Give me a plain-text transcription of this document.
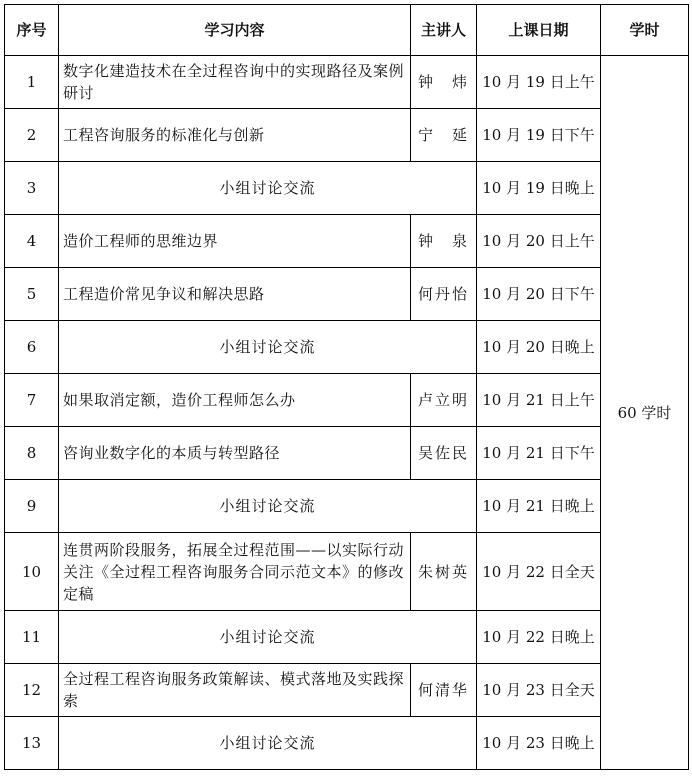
序号	学习内容	主讲人	上课日期	学时
1	数字化建造技术在全过程咨询中的实现路径及案例研讨	钟　炜	10 月 19 日上午	60 学时
2	工程咨询服务的标准化与创新	宁　延	10 月 19 日下午	
3	小组讨论交流		10 月 19 日晚上	
4	造价工程师的思维边界	钟　泉	10 月 20 日上午	
5	工程造价常见争议和解决思路	何丹怡	10 月 20 日下午	
6	小组讨论交流		10 月 20 日晚上	
7	如果取消定额，造价工程师怎么办	卢立明	10 月 21 日上午	
8	咨询业数字化的本质与转型路径	吴佐民	10 月 21 日下午	
9	小组讨论交流		10 月 21 日晚上	
10	连贯两阶段服务，拓展全过程范围——以实际行动关注《全过程工程咨询服务合同示范文本》的修改定稿	朱树英	10 月 22 日全天	
11	小组讨论交流		10 月 22 日晚上	
12	全过程工程咨询服务政策解读、模式落地及实践探索	何清华	10 月 23 日全天	
13	小组讨论交流		10 月 23 日晚上	
